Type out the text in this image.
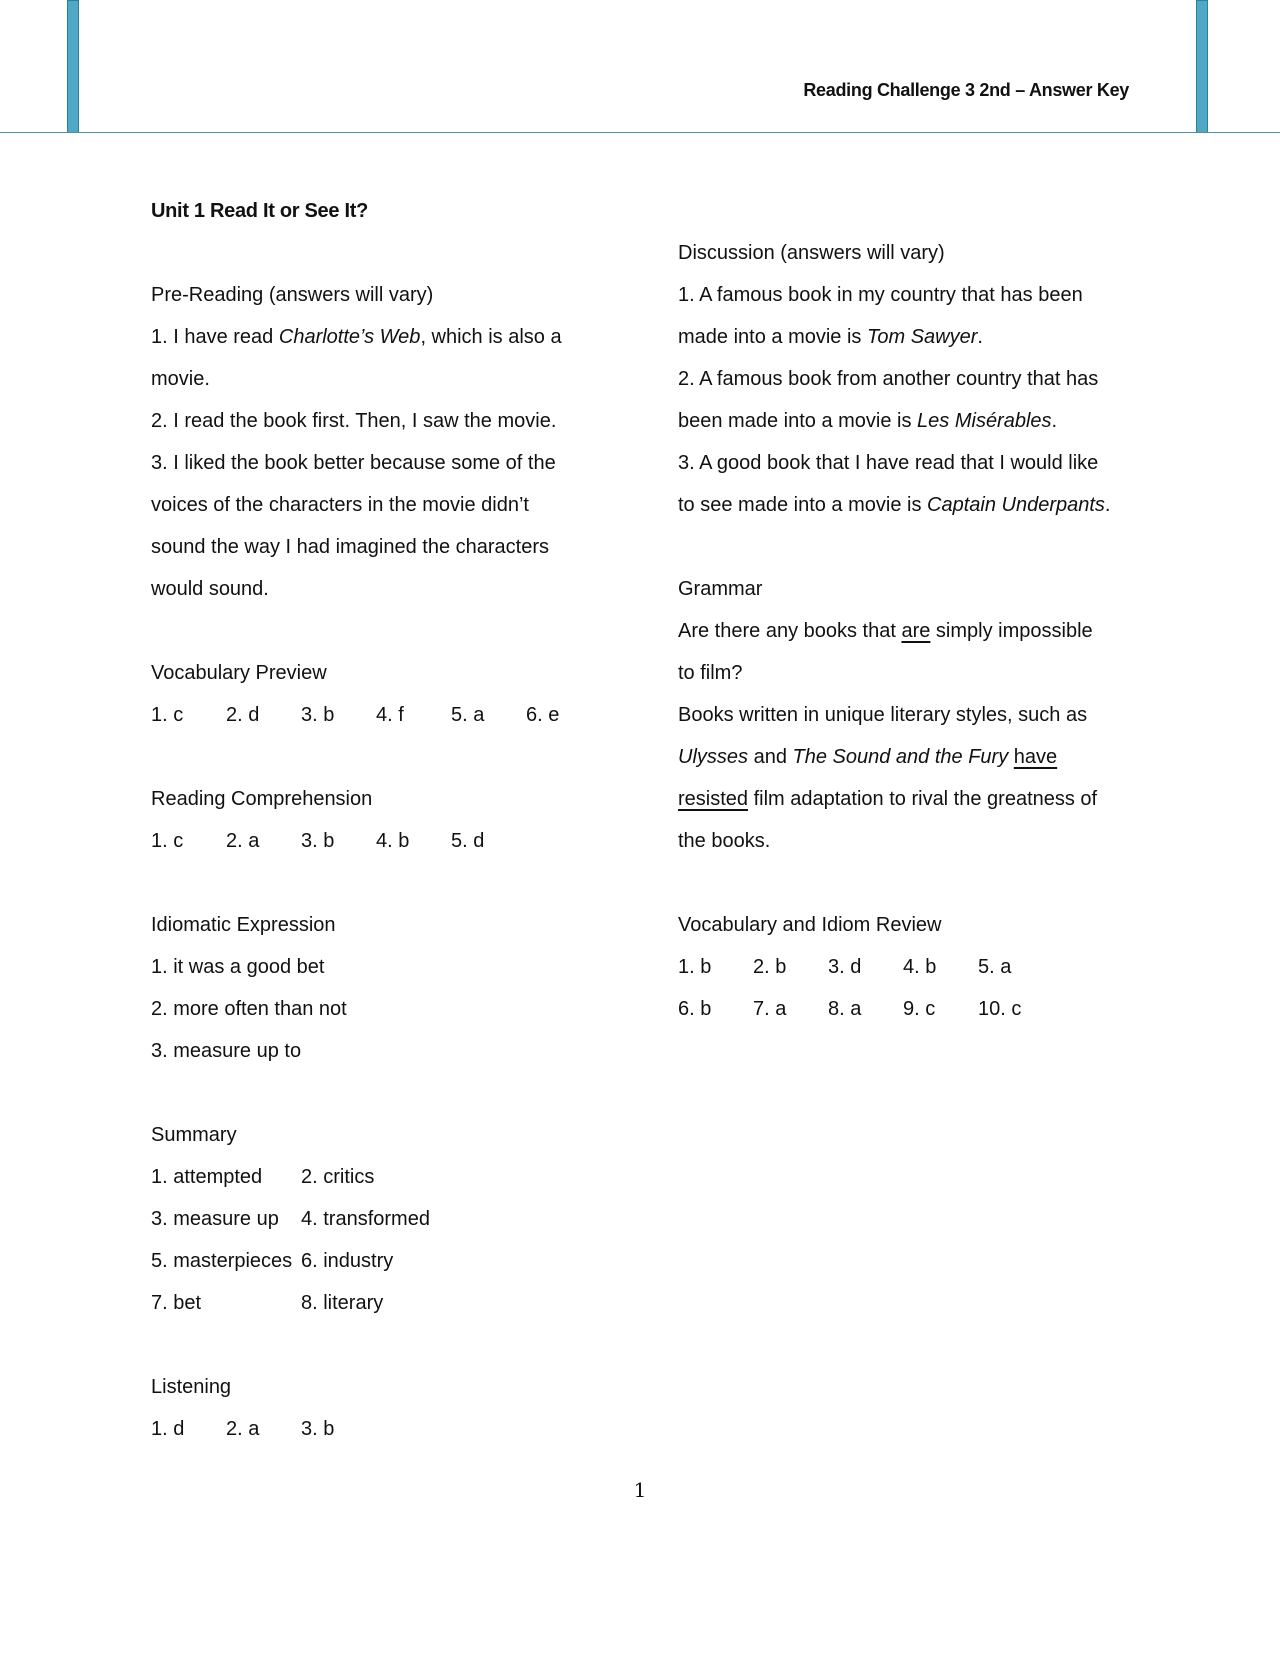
Reading Challenge 3 2nd – Answer Key
Unit 1 Read It or See It?
Pre-Reading (answers will vary)
1. I have read Charlotte’s Web, which is also a
movie.
2. I read the book first. Then, I saw the movie.
3. I liked the book better because some of the
voices of the characters in the movie didn’t
sound the way I had imagined the characters
would sound.
Vocabulary Preview
1. c	2. d	3. b	4. f	5. a	6. e
Reading Comprehension
1. c	2. a	3. b	4. b	5. d
Idiomatic Expression
1. it was a good bet
2. more often than not
3. measure up to
Summary
1. attempted	2. critics
3. measure up	4. transformed
5. masterpieces 6. industry
7. bet	8. literary
Listening
1. d	2. a	3. b
Discussion (answers will vary)
1. A famous book in my country that has been
made into a movie is Tom Sawyer.
2. A famous book from another country that has
been made into a movie is Les Misérables.
3. A good book that I have read that I would like
to see made into a movie is Captain Underpants.
Grammar
Are there any books that are simply impossible
to film?
Books written in unique literary styles, such as
Ulysses and The Sound and the Fury have
resisted film adaptation to rival the greatness of
the books.
Vocabulary and Idiom Review
1. b	2. b	3. d	4. b	5. a
6. b	7. a	8. a	9. c	10. c
1
